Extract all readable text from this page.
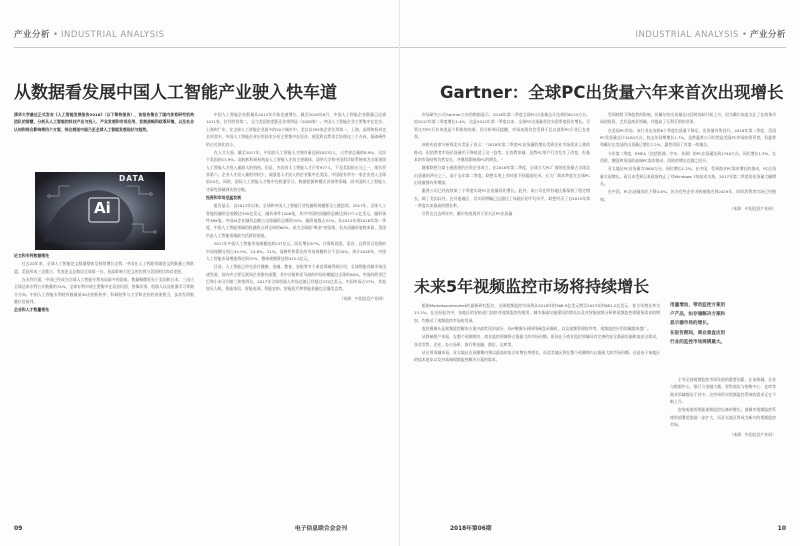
产业分析 • INDUSTRIAL ANALYSIS
从数据看发展中国人工智能产业驶入快车道

清华大学最近正式发布《人工智能发展报告2018》（以下简称报告），该报告集合了国内多家研究机构团队的智慧，分析从人工智能的科技产出与投入、产业发展和市场应用、发展战略和政策环境，以及社会认知和综合影响等四个方面，综合展现中国乃至全球人工智能发展现状与趋势。

DATA
Ai

论文和专利数据领先

过去20年来，全球人工智能论文数量整体呈持续增长态势，中国在人工智能领域论文的数量上和欧盟、美国形成三足鼎立，发表论文总数居全球第一位，但高影响力论文的比例与美国相比尚存差距。

在专利方面，中国已经成为全球人工智能专利布局最多的国家，数量略微领先于美国和日本，三国占全球总体专利公开数量的74%。全球专利申请主要集中在语音识别、图像识别、机器人以及机器学习等细分方向。中国人工智能专利持有数量前30名的机构中，科研院所与大学和企业的表现相当，技术发明数量位居前列。

企业和人才数量领先

中国人工智能企业数量从2012年开始迅速增长，截至2018年6月，中国人工智能企业数量已达到1011家，位列世界第二，仅与美国的差距还非常明显（2028家）。中国人工智能企业主要集中在北京、上海和广东，在全球人工智能企业最多的20个城市中，北京以395家企业位列第一，上海、深圳和杭州也名列其中。中国人工智能企业应用技术分布主要集中在语音、视觉和自然语言处理这三个方向，基础硬件的占比则比较小。

在人才方面，截至2017年，中国的人工智能人才拥有量达到18232人，占世界总量的8.9%，仅次于美国的13.9%。高校和科研机构是人工智能人才的主要载体，清华大学和中国科学院系统成为全球顶级人工智能人才投入量最大的机构。但是，杰出的人工智能人才只有977人，不及美国的五分之一，排名世界第六。企业人才投入量相对较少，高强度人才投入的企业集中在美国。中国现有华为一家企业进入全球前20名，同时，国际人工智能人才集中在机器学习、数据挖掘和模式识别等领域，而中国的人工智能人才研究领域则比较分散。

投资和市场迅猛发展

报告显示，自2013年以来，全球和中国人工智能行业投融资规模都呈上涨趋势。2017年，全球人工智能投融资总规模达395亿美元，融资事件1208笔，其中中国的投融资总额达到277.1亿美元，融资事件369笔。中国AI企业融资总额占全球融资总额的70%，融资笔数占31%。从2013年到2018年第一季度，中国人工智能领域的投融资占到全球的60%，成为全球最“吸金”的国家，但从投融资笔数来看，美国仍是人工智能领域最为活跃的国家。

2017年中国人工智能市场规模达到237亿元，同比增长67%。计算机视觉、语音、自然语言处理的市场规模分别占34.9%、24.8%、21%。而硬件和算法的市场规模约计不足20%。预计2018年，中国人工智能市场增速将达到75%，整体规模将达到415.5亿元。

目前，人工智能已经在医疗健康、金融、教育、安防等多个垂直领域得到应用，全球智能音箱市场迅速发展，国内外主要互联网企业都有部署，其中谷歌和亚马逊的市场份额超过全球的60%，中国的阿里巴巴和小米分列第三和第四位。2017年全球机器人市场总值已经超过232亿美元，中国市场占27%，其他如无人机、智能家居、智能电网、智能安防、智能医疗和智能金融也呈爆发态势。

（来源：中国信息产业网）

09	电子信息联合会会刊
INDUSTRIAL ANALYSIS • 产业分析
Gartner：全球PC出货量六年来首次出现增长

市场研究公司Gartner公布的数据显示，2018年第二季度全球PC出货量总计达到约6210万台，较2017年第二季度增长1.4%，这是2012年第一季度以来，全球PC出货量首次实现季度同比增长。尽管这对PC行业来说是个积极的结果，但分析师还提醒，市场表现仍会受到不足以说明PC行业已在复苏。

该机构首席分析师北川美佳子表示：“2018年第二季度PC出货量的增长受到企业市场需求上涨的推动，但消费者市场出货量仍下降抵消了这一趋势。在消费领域，虽然PC用户行为发生了改变，但基本的市场结构仍然存在，并继续影响着PC的增长。”

随着联想与富士通创建的合资企业成立，在2018年第二季度，全球五大PC厂商的出货量占全球总出货量的四分之三，高于去年第二季度，联想实现上市时创下的超高纪录。五大厂商本季度在全球PC出货量都有所增加。

惠普公司已经连续第三个季度实现PC出货量同比增长。此外，该公司在所有地区都保持了稳定增长，除了美国以外，在其他地区，其实际增幅已远超过了该地区的平均水平。联想经历了自2015年第一季度以来最高的增长率。

尽管在过去两年中，戴尔的表现对于亚太区PC出货量

受到持续下降趋势的影响，但戴尔的出货量在这段时间却开始上升，因为戴尔高度关注了在商务市场的投资，尤其是商业领域，并提高了无利可图的业务。

在美国PC市场，该行业在连续6个季度出货量下降后，出货量有所回升。2018年第二季度，美国PC发货量总计1450万台，较去年同期增长1.7%。虽然惠普公司仍然是美国PC市场的领导者，但惠普和戴尔在美国的出货量已增长7.2%，惠普巩固了其第一的地位。

今年第二季度，EMEA（包括欧洲、中东、非洲）的PC出货量达到1740万台，同比增长1.3%。在西欧，德国和英国的高端PC需求推动，西欧的增长也随之回升。

亚太地区PC出货量为2800万台，同比增长1.2%。在中国，受到商业PC需求增长的推动，PC出货量实现增长。而日本受到日本政府终止了对Windows 7的技术支持，2017年第二季度的出货量大幅增长。

在中国，PC出货量同比下降3.6%，因为有些企业采购被推迟到2019年，同时消费者市场已经饱和。

（来源：中国信息产业网）

未来5年视频监控市场将持续增长

根据Marketsandmarket的最新研究报告，全球视频监控市场将从2018年的368.9亿美元增至2023年的681.2亿美元，复合年增长率为13.1%。在这份报告中，各地区的安防部门加快对视频监控的使用，城市基础设施建设的增长以及对智能视频分析和视频监控即服务需求的增加，均推动了视频监控市场的发展。

监控摄像头是视频监控解决方案中最常见的部分，从IP摄像头到网络硬盘录像机，以及视频管理软件等，视频监控应用领域越来越广。

从终端用户来看，在整个预测期内，商业监控领域将占据最大的市场份额，原因在于商业监控领域具有完善的安全基础设施和高安全需求，涉及零售、企业、办公场所、银行和金融、酒店、仓库等。

从应用领域来看，亚太地区在预测期内将以最高的复合年增长率增长，而北美地区将在整个预测期内占据最大的市场份额。这是由于该地区的技术进步以及对高端视频监控解决方案的需求。

用量增加，带动监控方案用户产品，如存储解决方案和显示器市场的增长。

在报告期间，商业垂直应用行业的监控市场规模最大。

主导全球视频监控市场发展的重要因素，在该领域，企业与数据中心、银行与金融大楼、零售商店与购物中心、仓库等商业领域都处于其中。这些场所对视频监控系统的需求正在不断上升。

安装或使用智能视频监控设备的增长，使城市视频监控系统的部署范围进一步扩大，而亚太地区将成为新兴的视频监控市场。

（来源：中国信息产业网）

2018年第06期	10
